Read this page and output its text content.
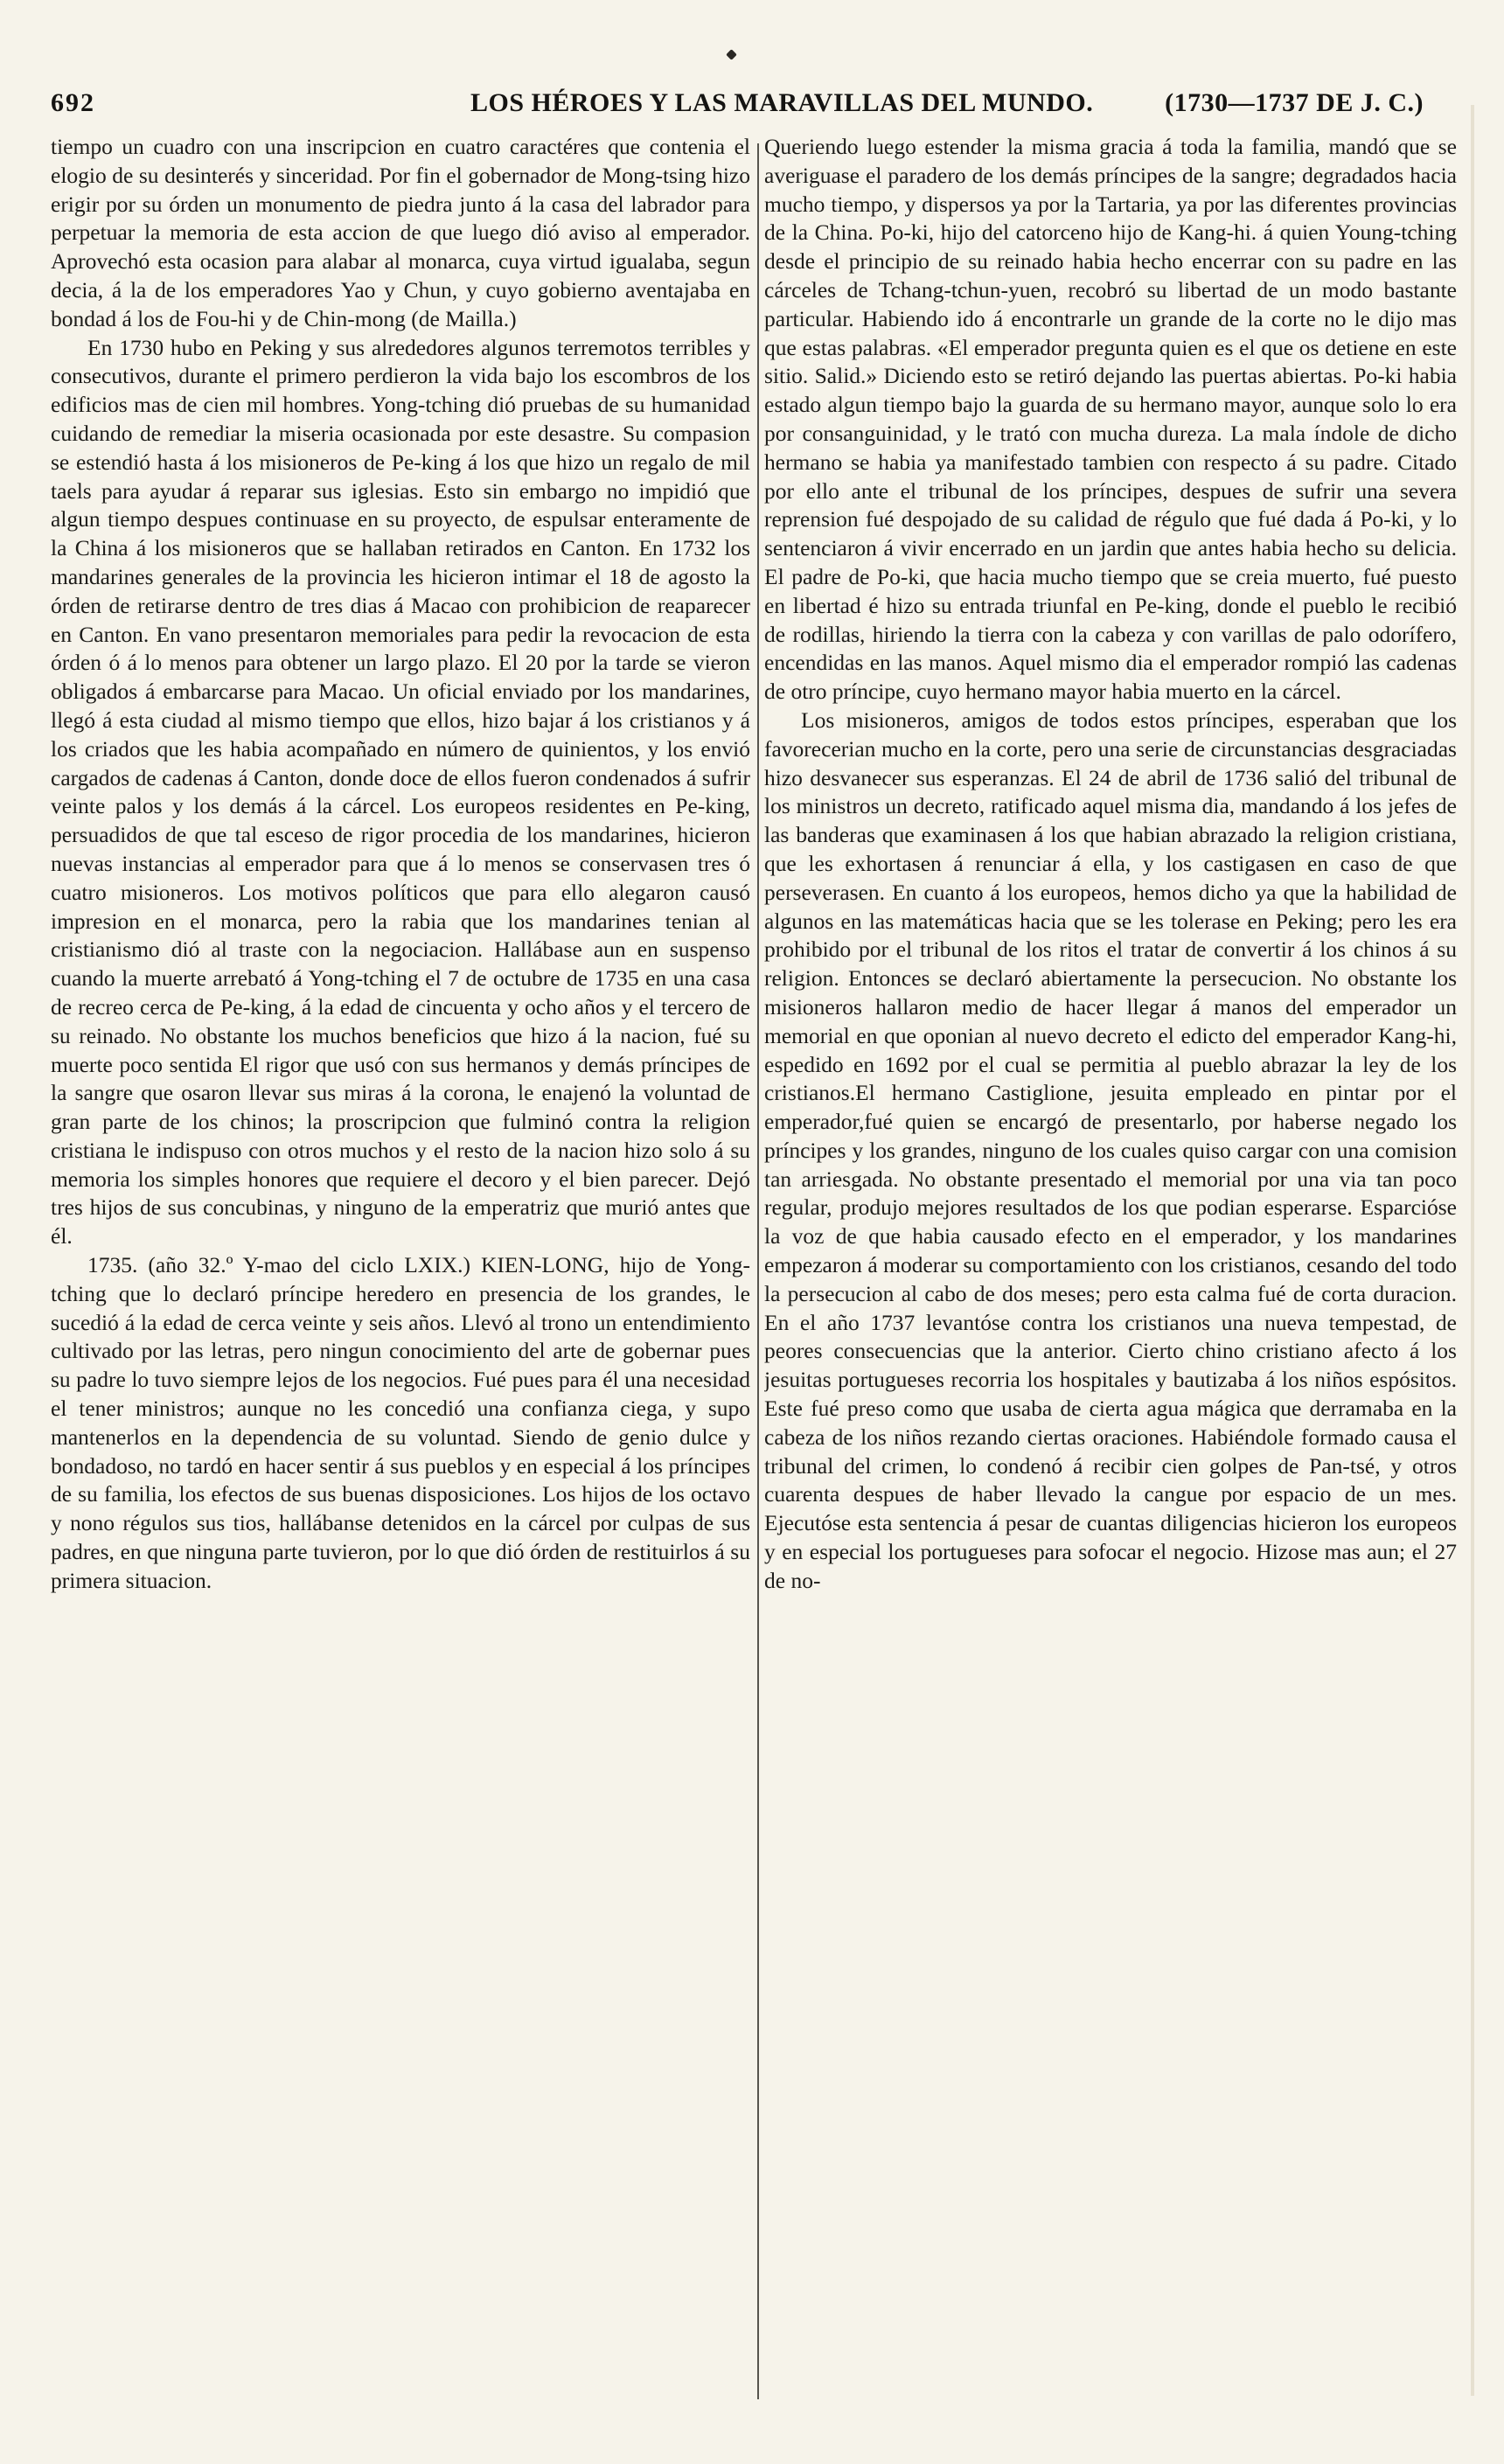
692	LOS HÉROES Y LAS MARAVILLAS DEL MUNDO.	(1730—1737 DE J. C.)

tiempo un cuadro con una inscripcion en cuatro caractéres que contenia el elogio de su desinterés y sinceridad. Por fin el gobernador de Mong-tsing hizo erigir por su órden un monumento de piedra junto á la casa del labrador para perpetuar la memoria de esta accion de que luego dió aviso al emperador. Aprovechó esta ocasion para alabar al monarca, cuya virtud igualaba, segun decia, á la de los emperadores Yao y Chun, y cuyo gobierno aventajaba en bondad á los de Fou-hi y de Chin-mong (de Mailla.)

En 1730 hubo en Peking y sus alrededores algunos terremotos terribles y consecutivos, durante el primero perdieron la vida bajo los escombros de los edificios mas de cien mil hombres. Yong-tching dió pruebas de su humanidad cuidando de remediar la miseria ocasionada por este desastre. Su compasion se estendió hasta á los misioneros de Pe-king á los que hizo un regalo de mil taels para ayudar á reparar sus iglesias. Esto sin embargo no impidió que algun tiempo despues continuase en su proyecto, de espulsar enteramente de la China á los misioneros que se hallaban retirados en Canton. En 1732 los mandarines generales de la provincia les hicieron intimar el 18 de agosto la órden de retirarse dentro de tres dias á Macao con prohibicion de reaparecer en Canton. En vano presentaron memoriales para pedir la revocacion de esta órden ó á lo menos para obtener un largo plazo. El 20 por la tarde se vieron obligados á embarcarse para Macao. Un oficial enviado por los mandarines, llegó á esta ciudad al mismo tiempo que ellos, hizo bajar á los cristianos y á los criados que les habia acompañado en número de quinientos, y los envió cargados de cadenas á Canton, donde doce de ellos fueron condenados á sufrir veinte palos y los demás á la cárcel. Los europeos residentes en Pe-king, persuadidos de que tal esceso de rigor procedia de los mandarines, hicieron nuevas instancias al emperador para que á lo menos se conservasen tres ó cuatro misioneros. Los motivos políticos que para ello alegaron causó impresion en el monarca, pero la rabia que los mandarines tenian al cristianismo dió al traste con la negociacion. Hallábase aun en suspenso cuando la muerte arrebató á Yong-tching el 7 de octubre de 1735 en una casa de recreo cerca de Pe-king, á la edad de cincuenta y ocho años y el tercero de su reinado. No obstante los muchos beneficios que hizo á la nacion, fué su muerte poco sentida El rigor que usó con sus hermanos y demás príncipes de la sangre que osaron llevar sus miras á la corona, le enajenó la voluntad de gran parte de los chinos; la proscripcion que fulminó contra la religion cristiana le indispuso con otros muchos y el resto de la nacion hizo solo á su memoria los simples honores que requiere el decoro y el bien parecer. Dejó tres hijos de sus concubinas, y ninguno de la emperatriz que murió antes que él.

1735. (año 32.º Y-mao del ciclo LXIX.) KIEN-LONG, hijo de Yong-tching que lo declaró príncipe heredero en presencia de los grandes, le sucedió á la edad de cerca veinte y seis años. Llevó al trono un entendimiento cultivado por las letras, pero ningun conocimiento del arte de gobernar pues su padre lo tuvo siempre lejos de los negocios. Fué pues para él una necesidad el tener ministros; aunque no les concedió una confianza ciega, y supo mantenerlos en la dependencia de su voluntad. Siendo de genio dulce y bondadoso, no tardó en hacer sentir á sus pueblos y en especial á los príncipes de su familia, los efectos de sus buenas disposiciones. Los hijos de los octavo y nono régulos sus tios, hallábanse detenidos en la cárcel por culpas de sus padres, en que ninguna parte tuvieron, por lo que dió órden de restituirlos á su primera situacion.

Queriendo luego estender la misma gracia á toda la familia, mandó que se averiguase el paradero de los demás príncipes de la sangre; degradados hacia mucho tiempo, y dispersos ya por la Tartaria, ya por las diferentes provincias de la China. Po-ki, hijo del catorceno hijo de Kang-hi. á quien Young-tching desde el principio de su reinado habia hecho encerrar con su padre en las cárceles de Tchang-tchun-yuen, recobró su libertad de un modo bastante particular. Habiendo ido á encontrarle un grande de la corte no le dijo mas que estas palabras. «El emperador pregunta quien es el que os detiene en este sitio. Salid.» Diciendo esto se retiró dejando las puertas abiertas. Po-ki habia estado algun tiempo bajo la guarda de su hermano mayor, aunque solo lo era por consanguinidad, y le trató con mucha dureza. La mala índole de dicho hermano se habia ya manifestado tambien con respecto á su padre. Citado por ello ante el tribunal de los príncipes, despues de sufrir una severa reprension fué despojado de su calidad de régulo que fué dada á Po-ki, y lo sentenciaron á vivir encerrado en un jardin que antes habia hecho su delicia. El padre de Po-ki, que hacia mucho tiempo que se creia muerto, fué puesto en libertad é hizo su entrada triunfal en Pe-king, donde el pueblo le recibió de rodillas, hiriendo la tierra con la cabeza y con varillas de palo odorífero, encendidas en las manos. Aquel mismo dia el emperador rompió las cadenas de otro príncipe, cuyo hermano mayor habia muerto en la cárcel.

Los misioneros, amigos de todos estos príncipes, esperaban que los favorecerian mucho en la corte, pero una serie de circunstancias desgraciadas hizo desvanecer sus esperanzas. El 24 de abril de 1736 salió del tribunal de los ministros un decreto, ratificado aquel misma dia, mandando á los jefes de las banderas que examinasen á los que habian abrazado la religion cristiana, que les exhortasen á renunciar á ella, y los castigasen en caso de que perseverasen. En cuanto á los europeos, hemos dicho ya que la habilidad de algunos en las matemáticas hacia que se les tolerase en Peking; pero les era prohibido por el tribunal de los ritos el tratar de convertir á los chinos á su religion. Entonces se declaró abiertamente la persecucion. No obstante los misioneros hallaron medio de hacer llegar á manos del emperador un memorial en que oponian al nuevo decreto el edicto del emperador Kang-hi, espedido en 1692 por el cual se permitia al pueblo abrazar la ley de los cristianos.El hermano Castiglione, jesuita empleado en pintar por el emperador,fué quien se encargó de presentarlo, por haberse negado los príncipes y los grandes, ninguno de los cuales quiso cargar con una comision tan arriesgada. No obstante presentado el memorial por una via tan poco regular, produjo mejores resultados de los que podian esperarse. Esparcióse la voz de que habia causado efecto en el emperador, y los mandarines empezaron á moderar su comportamiento con los cristianos, cesando del todo la persecucion al cabo de dos meses; pero esta calma fué de corta duracion. En el año 1737 levantóse contra los cristianos una nueva tempestad, de peores consecuencias que la anterior. Cierto chino cristiano afecto á los jesuitas portugueses recorria los hospitales y bautizaba á los niños espósitos. Este fué preso como que usaba de cierta agua mágica que derramaba en la cabeza de los niños rezando ciertas oraciones. Habiéndole formado causa el tribunal del crimen, lo condenó á recibir cien golpes de Pan-tsé, y otros cuarenta despues de haber llevado la cangue por espacio de un mes. Ejecutóse esta sentencia á pesar de cuantas diligencias hicieron los europeos y en especial los portugueses para sofocar el negocio. Hizose mas aun; el 27 de no-
